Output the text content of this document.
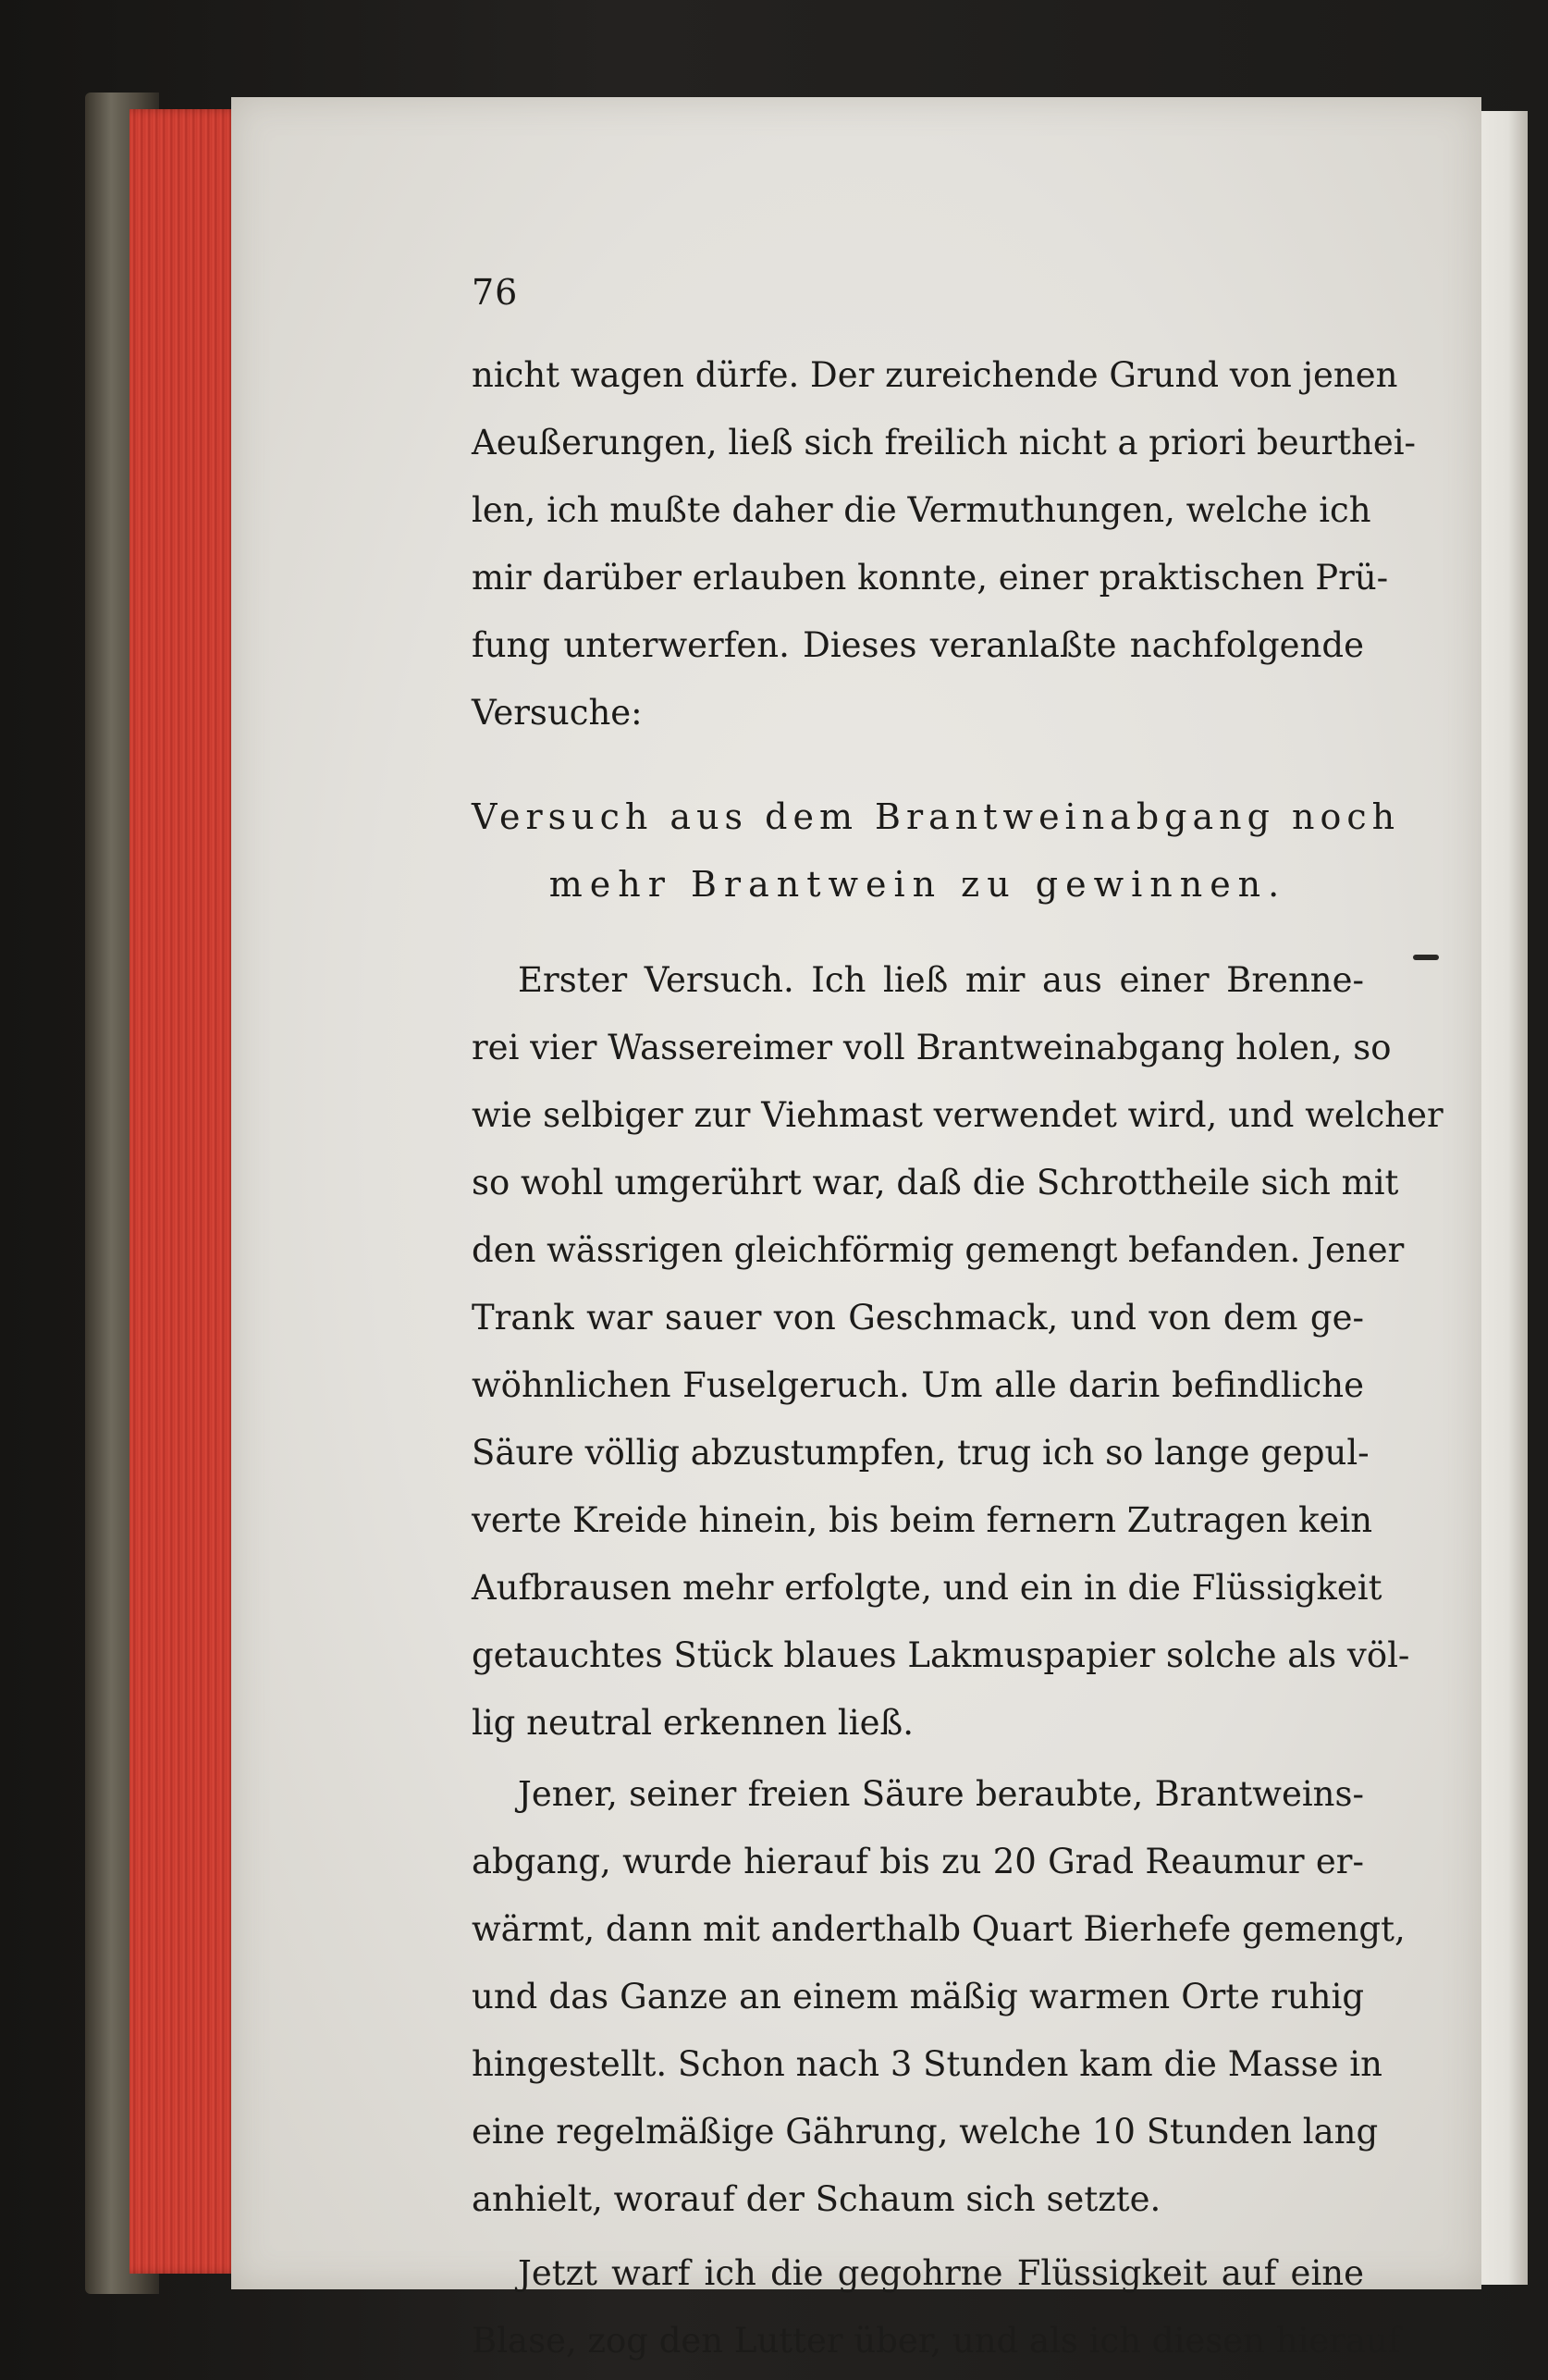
76
nicht wagen dürfe. Der zureichende Grund von jenen
Aeußerungen, ließ sich freilich nicht a priori beurthei-
len, ich mußte daher die Vermuthungen, welche ich
mir darüber erlauben konnte, einer praktischen Prü-
fung unterwerfen. Dieses veranlaßte nachfolgende
Versuche:
Versuch aus dem Brantweinabgang noch
mehr Brantwein zu gewinnen.
Erster Versuch. Ich ließ mir aus einer Brenne-
rei vier Wassereimer voll Brantweinabgang holen, so
wie selbiger zur Viehmast verwendet wird, und welcher
so wohl umgerührt war, daß die Schrottheile sich mit
den wässrigen gleichförmig gemengt befanden. Jener
Trank war sauer von Geschmack, und von dem ge-
wöhnlichen Fuselgeruch. Um alle darin befindliche
Säure völlig abzustumpfen, trug ich so lange gepul-
verte Kreide hinein, bis beim fernern Zutragen kein
Aufbrausen mehr erfolgte, und ein in die Flüssigkeit
getauchtes Stück blaues Lakmuspapier solche als völ-
lig neutral erkennen ließ.
Jener, seiner freien Säure beraubte, Brantweins-
abgang, wurde hierauf bis zu 20 Grad Reaumur er-
wärmt, dann mit anderthalb Quart Bierhefe gemengt,
und das Ganze an einem mäßig warmen Orte ruhig
hingestellt. Schon nach 3 Stunden kam die Masse in
eine regelmäßige Gährung, welche 10 Stunden lang
anhielt, worauf der Schaum sich setzte.
Jetzt warf ich die gegohrne Flüssigkeit auf eine
Blase, zog den Lutter über, und als ich diesen hierauf
